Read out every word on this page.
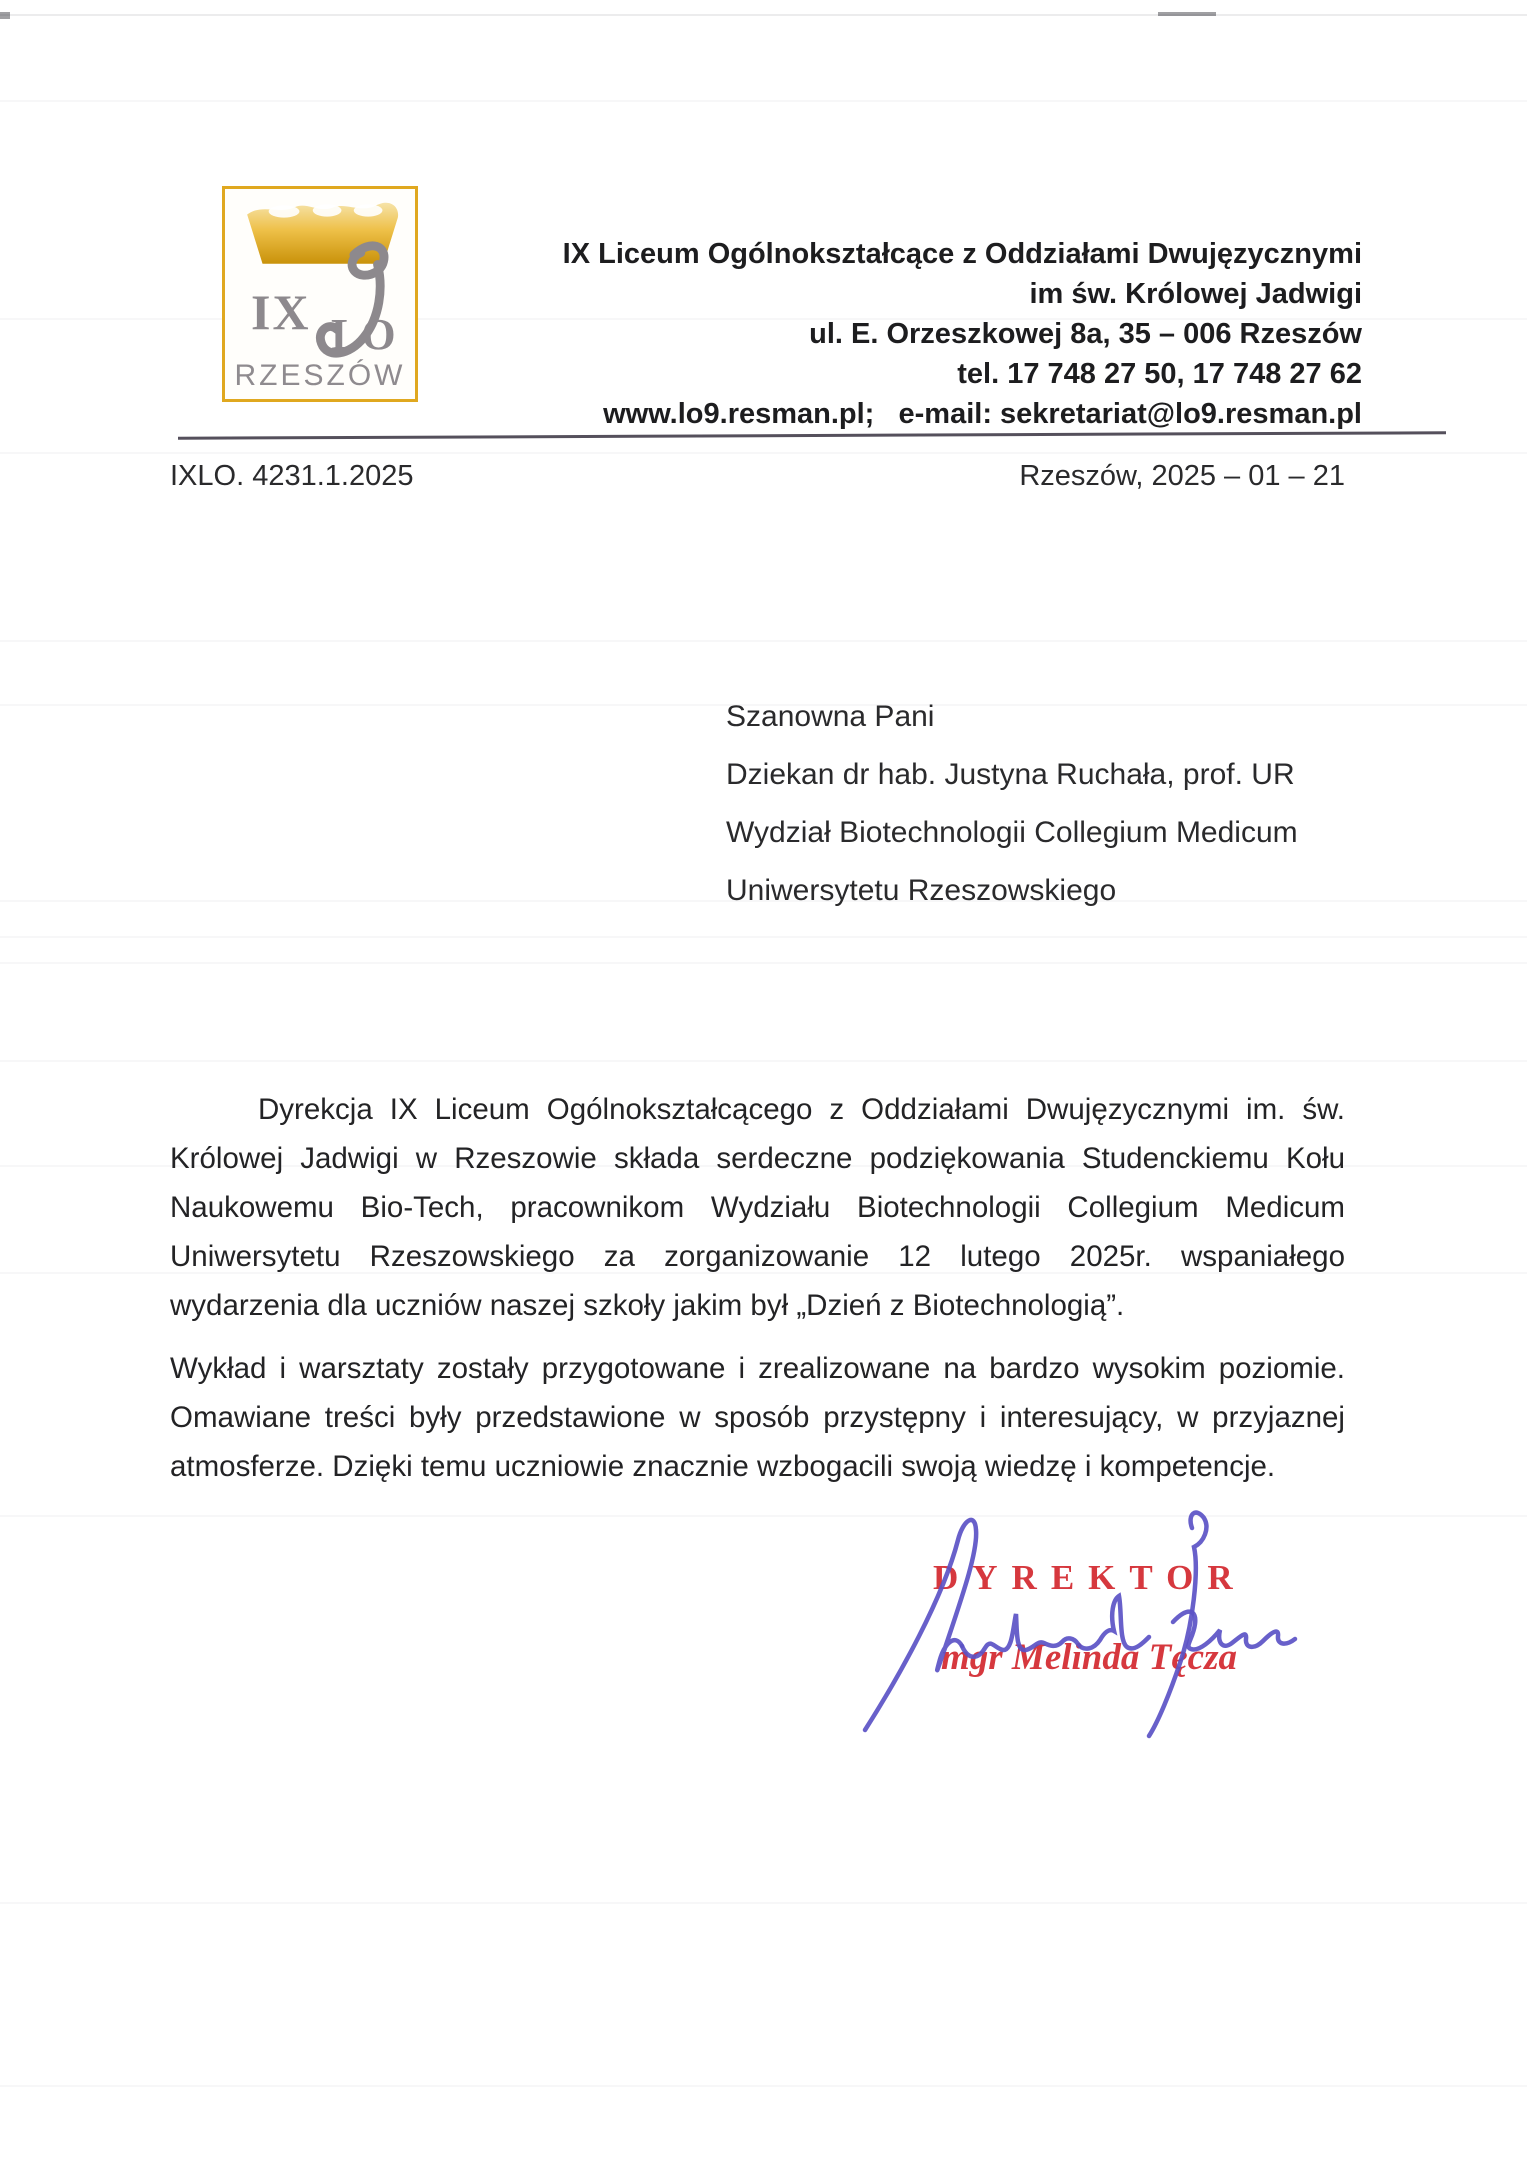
IX LO
RZESZÓW
IX Liceum Ogólnokształcące z Oddziałami Dwujęzycznymi
im św. Królowej Jadwigi
ul. E. Orzeszkowej 8a, 35 – 006 Rzeszów
tel. 17 748 27 50, 17 748 27 62
www.lo9.resman.pl;   e-mail: sekretariat@lo9.resman.pl
IXLO. 4231.1.2025	Rzeszów, 2025 – 01 – 21
Szanowna Pani
Dziekan dr hab. Justyna Ruchała, prof. UR
Wydział Biotechnologii Collegium Medicum
Uniwersytetu Rzeszowskiego

Dyrekcja IX Liceum Ogólnokształcącego z Oddziałami Dwujęzycznymi im. św. Królowej Jadwigi w Rzeszowie składa serdeczne podziękowania Studenckiemu Kołu Naukowemu Bio-Tech, pracownikom Wydziału Biotechnologii Collegium Medicum Uniwersytetu Rzeszowskiego za zorganizowanie 12 lutego 2025r. wspaniałego wydarzenia dla uczniów naszej szkoły jakim był „Dzień z Biotechnologią”.

Wykład i warsztaty zostały przygotowane i zrealizowane na bardzo wysokim poziomie. Omawiane treści były przedstawione w sposób przystępny i interesujący, w przyjaznej atmosferze. Dzięki temu uczniowie znacznie wzbogacili swoją wiedzę i kompetencje.

DYREKTOR
mgr Melinda Tęcza
